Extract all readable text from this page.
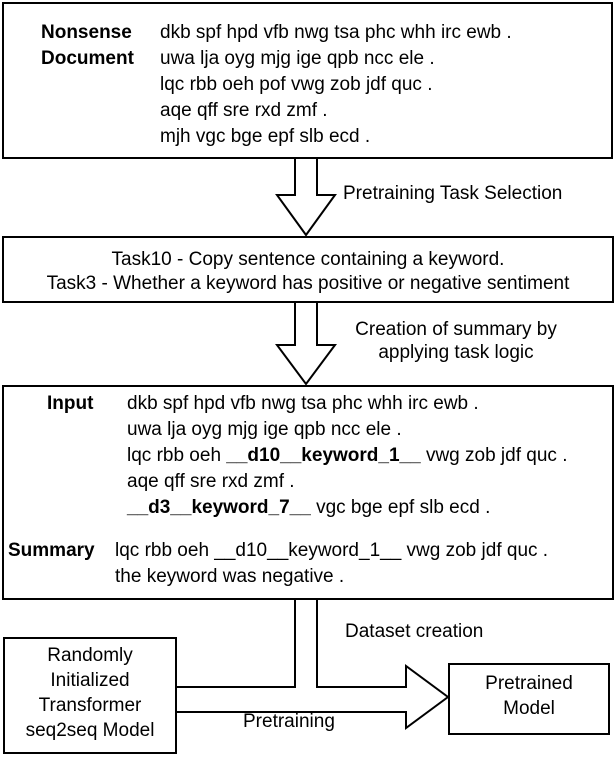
Nonsense
Document
dkb spf hpd vfb nwg tsa phc whh irc ewb .
uwa lja oyg mjg ige qpb ncc ele .
lqc rbb oeh pof vwg zob jdf quc .
aqe qff sre rxd zmf .
mjh vgc bge epf slb ecd .
Pretraining Task Selection
Task10 - Copy sentence containing a keyword.
Task3 - Whether a keyword has positive or negative sentiment
Creation of summary by
applying task logic
Input dkb spf hpd vfb nwg tsa phc whh irc ewb .
uwa lja oyg mjg ige qpb ncc ele .
lqc rbb oeh __d10__keyword_1__ vwg zob jdf quc .
aqe qff sre rxd zmf .
__d3__keyword_7__ vgc bge epf slb ecd .
Summary lqc rbb oeh __d10__keyword_1__ vwg zob jdf quc .
the keyword was negative .
Dataset creation
Pretraining
Randomly
Initialized
Transformer
seq2seq Model
Pretrained
Model
